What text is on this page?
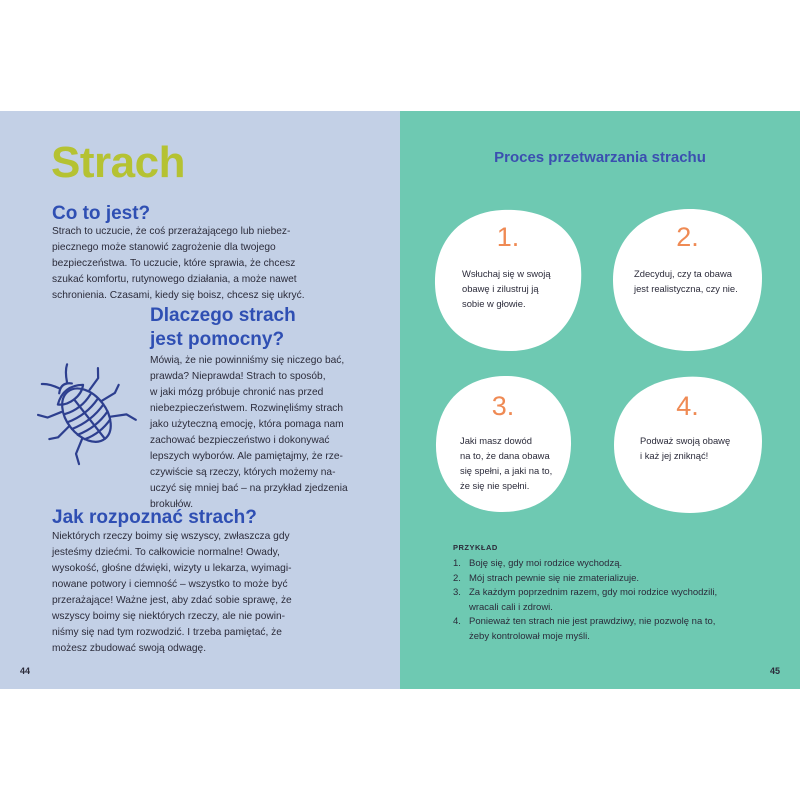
Strach
Co to jest?

Strach to uczucie, że coś przerażającego lub niebez-
piecznego może stanowić zagrożenie dla twojego
bezpieczeństwa. To uczucie, które sprawia, że chcesz
szukać komfortu, rutynowego działania, a może nawet
schronienia. Czasami, kiedy się boisz, chcesz się ukryć.

Dlaczego strach
jest pomocny?

Mówią, że nie powinniśmy się niczego bać,
prawda? Nieprawda! Strach to sposób,
w jaki mózg próbuje chronić nas przed
niebezpieczeństwem. Rozwinęliśmy strach
jako użyteczną emocję, która pomaga nam
zachować bezpieczeństwo i dokonywać
lepszych wyborów. Ale pamiętajmy, że rze-
czywiście są rzeczy, których możemy na-
uczyć się mniej bać – na przykład zjedzenia
brokułów.

Jak rozpoznać strach?

Niektórych rzeczy boimy się wszyscy, zwłaszcza gdy
jesteśmy dziećmi. To całkowicie normalne! Owady,
wysokość, głośne dźwięki, wizyty u lekarza, wyimagi-
nowane potwory i ciemność – wszystko to może być
przerażające! Ważne jest, aby zdać sobie sprawę, że
wszyscy boimy się niektórych rzeczy, ale nie powin-
niśmy się nad tym rozwodzić. I trzeba pamiętać, że
możesz zbudować swoją odwagę.

44

Proces przetwarzania strachu

1.

Wsłuchaj się w swoją
obawę i zilustruj ją
sobie w głowie.

2.

Zdecyduj, czy ta obawa
jest realistyczna, czy nie.

3.

Jaki masz dowód
na to, że dana obawa
się spełni, a jaki na to,
że się nie spełni.

4.

Podważ swoją obawę
i każ jej zniknąć!

PRZYKŁAD

1. Boję się, gdy moi rodzice wychodzą.
2. Mój strach pewnie się nie zmaterializuje.
3. Za każdym poprzednim razem, gdy moi rodzice wychodzili,
wracali cali i zdrowi.
4. Ponieważ ten strach nie jest prawdziwy, nie pozwolę na to,
żeby kontrolował moje myśli.

45
